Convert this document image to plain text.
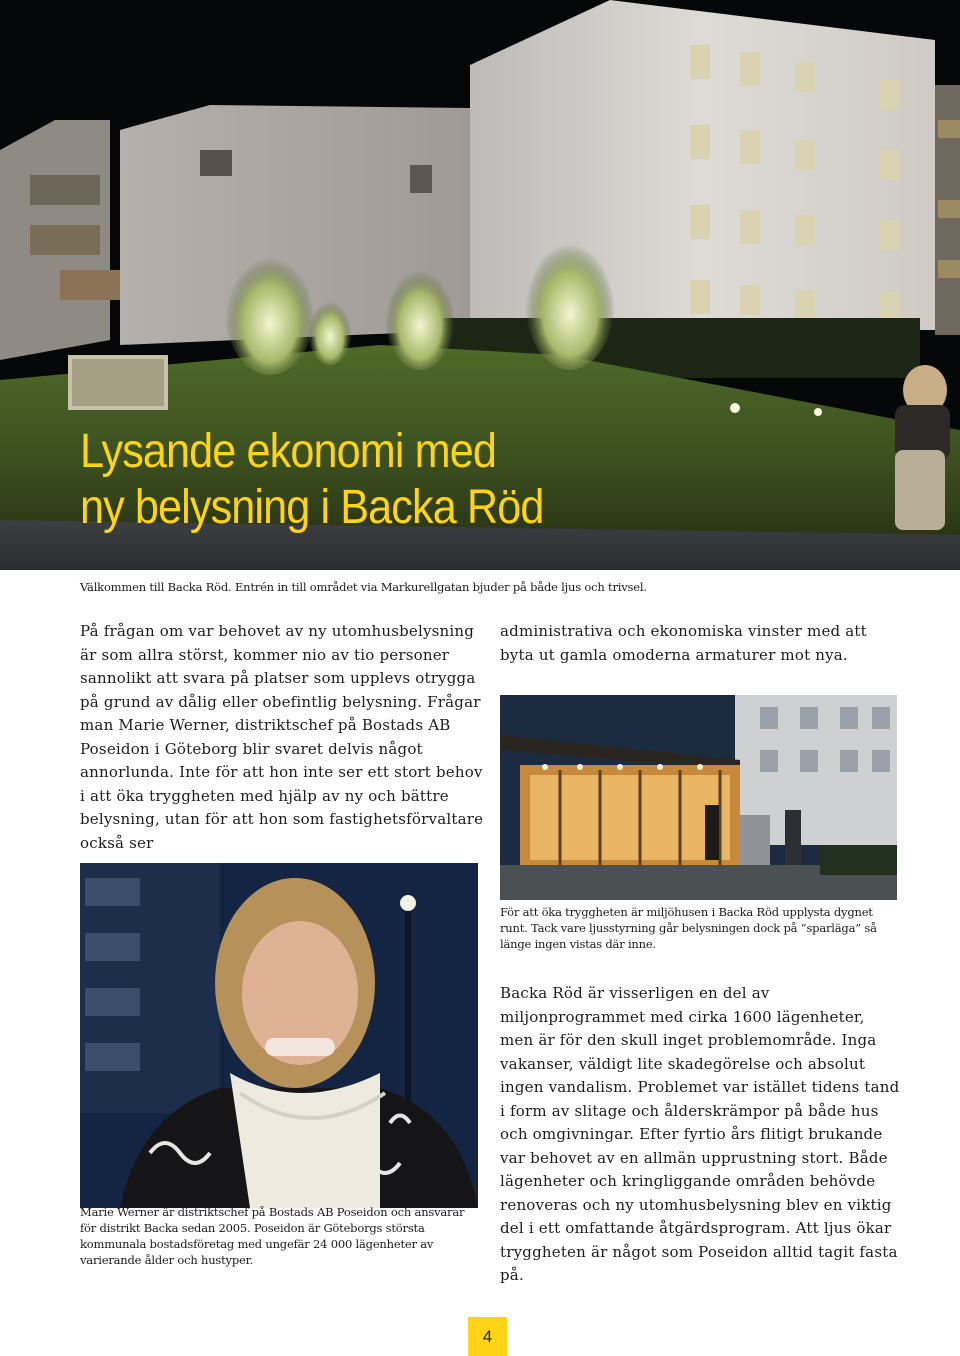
Lysande ekonomi med
ny belysning i Backa Röd
Välkommen till Backa Röd. Entrén in till området via Markurellgatan bjuder på både ljus och trivsel.

På frågan om var behovet av ny utomhusbelysning är som allra störst, kommer nio av tio personer sannolikt att svara på platser som upplevs otrygga på grund av dålig eller obefintlig belysning. Frågar man Marie Werner, distriktschef på Bostads AB Poseidon i Göteborg blir svaret delvis något annorlunda. Inte för att hon inte ser ett stort behov i att öka tryggheten med hjälp av ny och bättre belysning, utan för att hon som fastighetsförvaltare också ser

administrativa och ekonomiska vinster med att byta ut gamla omoderna armaturer mot nya.

För att öka tryggheten är miljöhusen i Backa Röd upplysta dygnet runt. Tack vare ljusstyrning går belysningen dock på ”sparläga” så länge ingen vistas där inne.
Marie Werner är distriktschef på Bostads AB Poseidon och ansvarar för distrikt Backa sedan 2005. Poseidon är Göteborgs största kommunala bostadsföretag med ungefär 24 000 lägenheter av varierande ålder och hustyper.

Backa Röd är visserligen en del av miljonprogrammet med cirka 1600 lägenheter, men är för den skull inget problemområde. Inga vakanser, väldigt lite skadegörelse och absolut ingen vandalism. Problemet var istället tidens tand i form av slitage och ålderskrämpor på både hus och omgivningar. Efter fyrtio års flitigt brukande var behovet av en allmän upprustning stort. Både lägenheter och kringliggande områden behövde renoveras och ny utomhusbelysning blev en viktig del i ett omfattande åtgärdsprogram. Att ljus ökar tryggheten är något som Poseidon alltid tagit fasta på.

4
